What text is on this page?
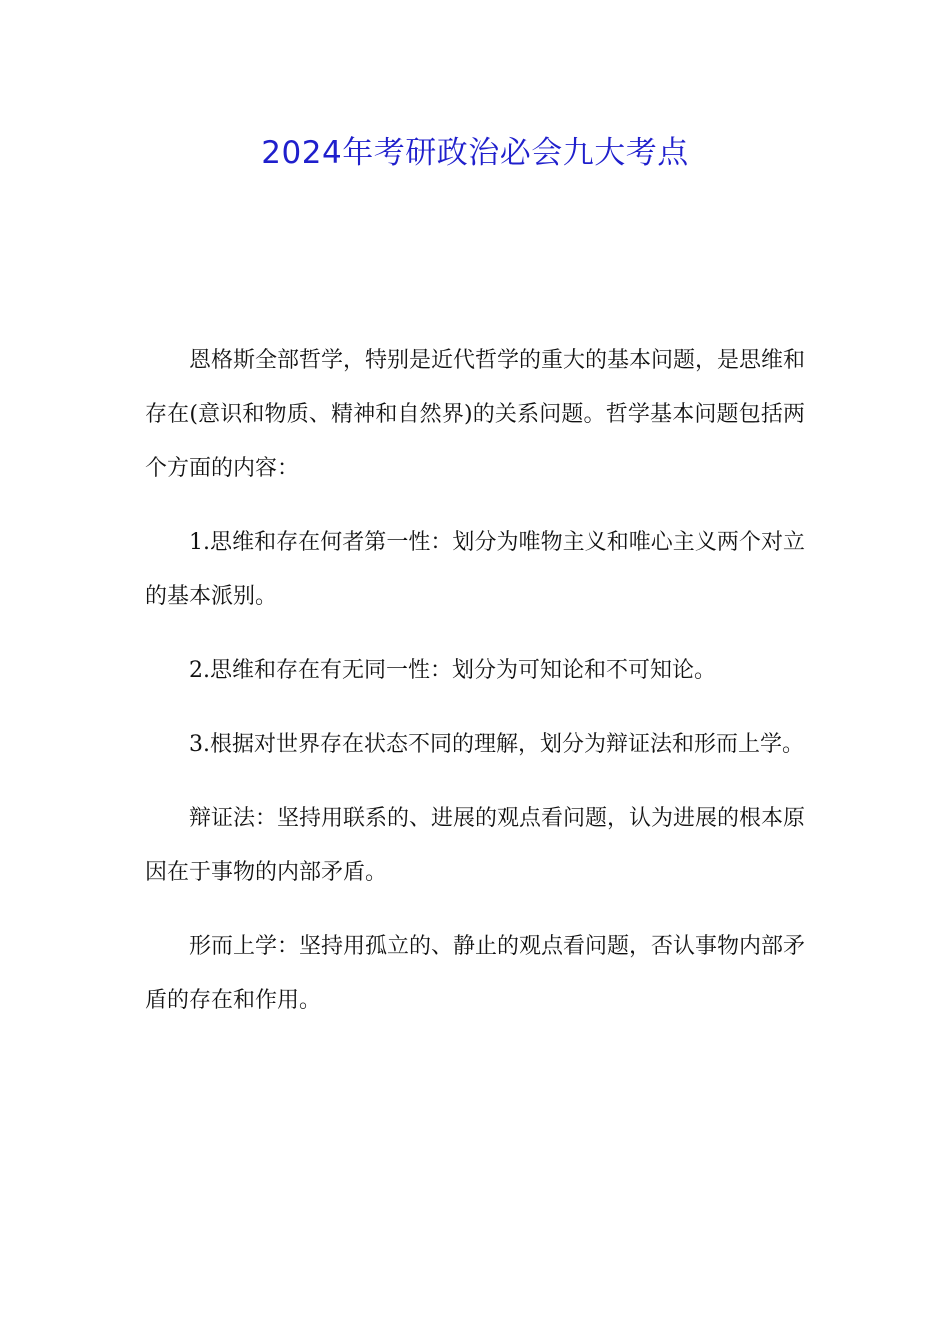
2024年考研政治必会九大考点

恩格斯全部哲学，特别是近代哲学的重大的基本问题，是思维和存在(意识和物质、精神和自然界)的关系问题。哲学基本问题包括两个方面的内容：

1.思维和存在何者第一性：划分为唯物主义和唯心主义两个对立的基本派别。

2.思维和存在有无同一性：划分为可知论和不可知论。

3.根据对世界存在状态不同的理解，划分为辩证法和形而上学。

辩证法：坚持用联系的、进展的观点看问题，认为进展的根本原因在于事物的内部矛盾。

形而上学：坚持用孤立的、静止的观点看问题，否认事物内部矛盾的存在和作用。
